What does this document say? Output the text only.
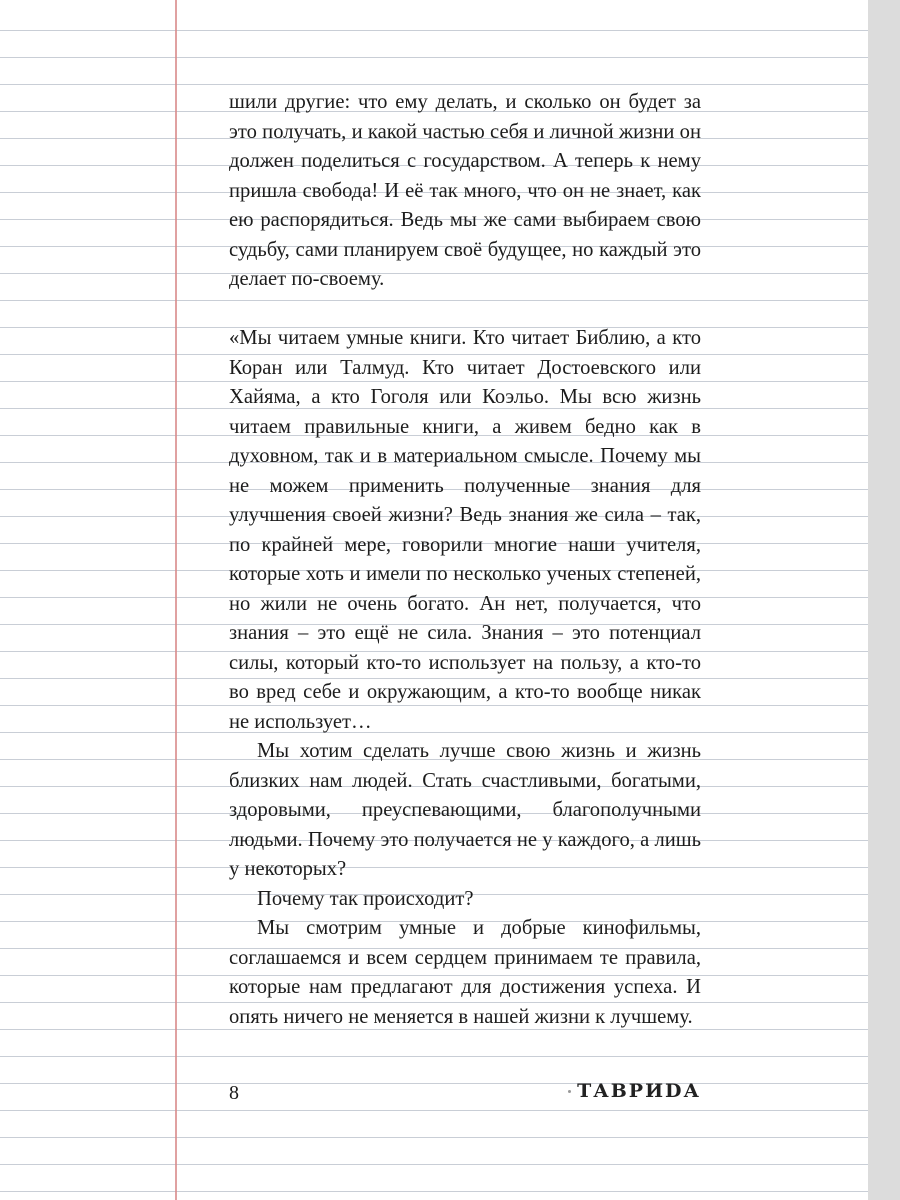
шили другие: что ему делать, и сколько он будет за это получать, и какой частью себя и личной жизни он должен поделиться с государством. А теперь к нему пришла свобода! И её так много, что он не знает, как ею распорядиться. Ведь мы же сами выбираем свою судьбу, сами планируем своё будущее, но каждый это делает по-своему.

«Мы читаем умные книги. Кто читает Библию, а кто Коран или Талмуд. Кто читает Достоевского или Хайяма, а кто Гоголя или Коэльо. Мы всю жизнь читаем правильные книги, а живем бедно как в духовном, так и в материальном смысле. Почему мы не можем применить полученные знания для улучшения своей жизни? Ведь знания же сила – так, по крайней мере, говорили многие наши учителя, которые хоть и имели по несколько ученых степеней, но жили не очень богато. Ан нет, получается, что знания – это ещё не сила. Знания – это потенциал силы, который кто-то использует на пользу, а кто-то во вред себе и окружающим, а кто-то вообще никак не использует…

Мы хотим сделать лучше свою жизнь и жизнь близких нам людей. Стать счастливыми, богатыми, здоровыми, преуспевающими, благополучными людьми. Почему это получается не у каждого, а лишь у некоторых?

Почему так происходит?

Мы смотрим умные и добрые кинофильмы, соглашаемся и всем сердцем принимаем те правила, которые нам предлагают для достижения успеха. И опять ничего не меняется в нашей жизни к лучшему.

8	ТАВРИDА
